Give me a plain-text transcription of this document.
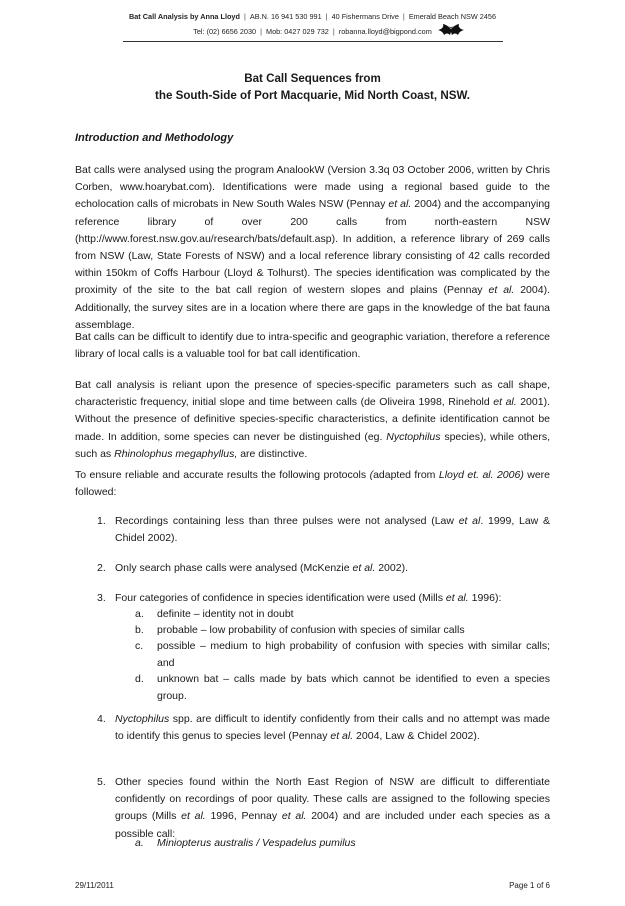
Bat Call Analysis by Anna Lloyd | AB.N. 16 941 530 991 | 40 Fishermans Drive | Emerald Beach NSW 2456
Tel: (02) 6656 2030 | Mob: 0427 029 732 | robanna.lloyd@bigpond.com
Bat Call Sequences from
the South-Side of Port Macquarie, Mid North Coast, NSW.
Introduction and Methodology
Bat calls were analysed using the program AnalookW (Version 3.3q 03 October 2006, written by Chris Corben, www.hoarybat.com). Identifications were made using a regional based guide to the echolocation calls of microbats in New South Wales NSW (Pennay et al. 2004) and the accompanying reference library of over 200 calls from north-eastern NSW (http://www.forest.nsw.gov.au/research/bats/default.asp). In addition, a reference library of 269 calls from NSW (Law, State Forests of NSW) and a local reference library consisting of 42 calls recorded within 150km of Coffs Harbour (Lloyd & Tolhurst). The species identification was complicated by the proximity of the site to the bat call region of western slopes and plains (Pennay et al. 2004). Additionally, the survey sites are in a location where there are gaps in the knowledge of the bat fauna assemblage.
Bat calls can be difficult to identify due to intra-specific and geographic variation, therefore a reference library of local calls is a valuable tool for bat call identification.
Bat call analysis is reliant upon the presence of species-specific parameters such as call shape, characteristic frequency, initial slope and time between calls (de Oliveira 1998, Rinehold et al. 2001). Without the presence of definitive species-specific characteristics, a definite identification cannot be made. In addition, some species can never be distinguished (eg. Nyctophilus species), while others, such as Rhinolophus megaphyllus, are distinctive.
To ensure reliable and accurate results the following protocols (adapted from Lloyd et. al. 2006) were followed:
1. Recordings containing less than three pulses were not analysed (Law et al. 1999, Law & Chidel 2002).
2. Only search phase calls were analysed (McKenzie et al. 2002).
3. Four categories of confidence in species identification were used (Mills et al. 1996):
a.	definite – identity not in doubt
b.	probable – low probability of confusion with species of similar calls
c.	possible – medium to high probability of confusion with species with similar calls; and
d.	unknown bat – calls made by bats which cannot be identified to even a species group.
4. Nyctophilus spp. are difficult to identify confidently from their calls and no attempt was made to identify this genus to species level (Pennay et al. 2004, Law & Chidel 2002).
5. Other species found within the North East Region of NSW are difficult to differentiate confidently on recordings of poor quality. These calls are assigned to the following species groups (Mills et al. 1996, Pennay et al. 2004) and are included under each species as a possible call:
a.	Miniopterus australis / Vespadelus pumilus
29/11/2011	Page 1 of 6
